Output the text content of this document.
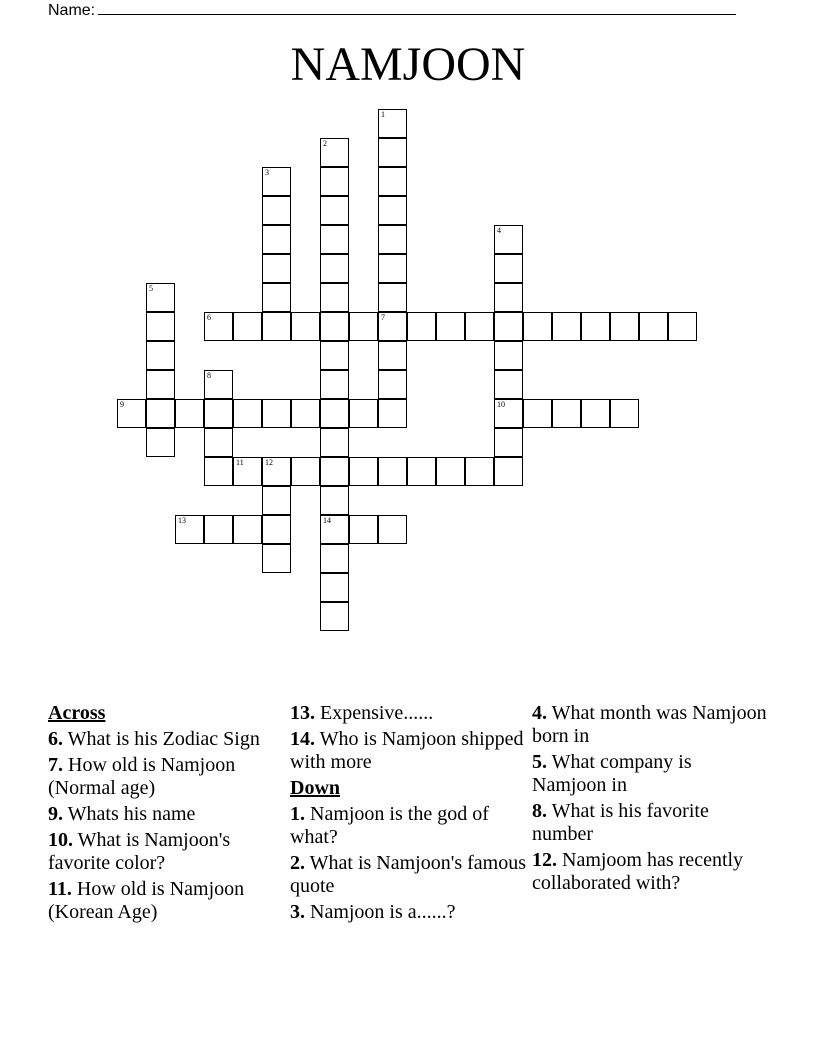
Name:
NAMJOON
1
7
2
14
3
4
10
5
6
8
9
11	12
13
Across
6. What is his Zodiac Sign
7. How old is Namjoon (Normal age)
9. Whats his name
10. What is Namjoon's favorite color?
11. How old is Namjoon (Korean Age)
13. Expensive......
14. Who is Namjoon shipped with more
Down
1. Namjoon is the god of what?
2. What is Namjoon's famous quote
3. Namjoon is a......?
4. What month was Namjoon born in
5. What company is Namjoon in
8. What is his favorite number
12. Namjoom has recently collaborated with?
